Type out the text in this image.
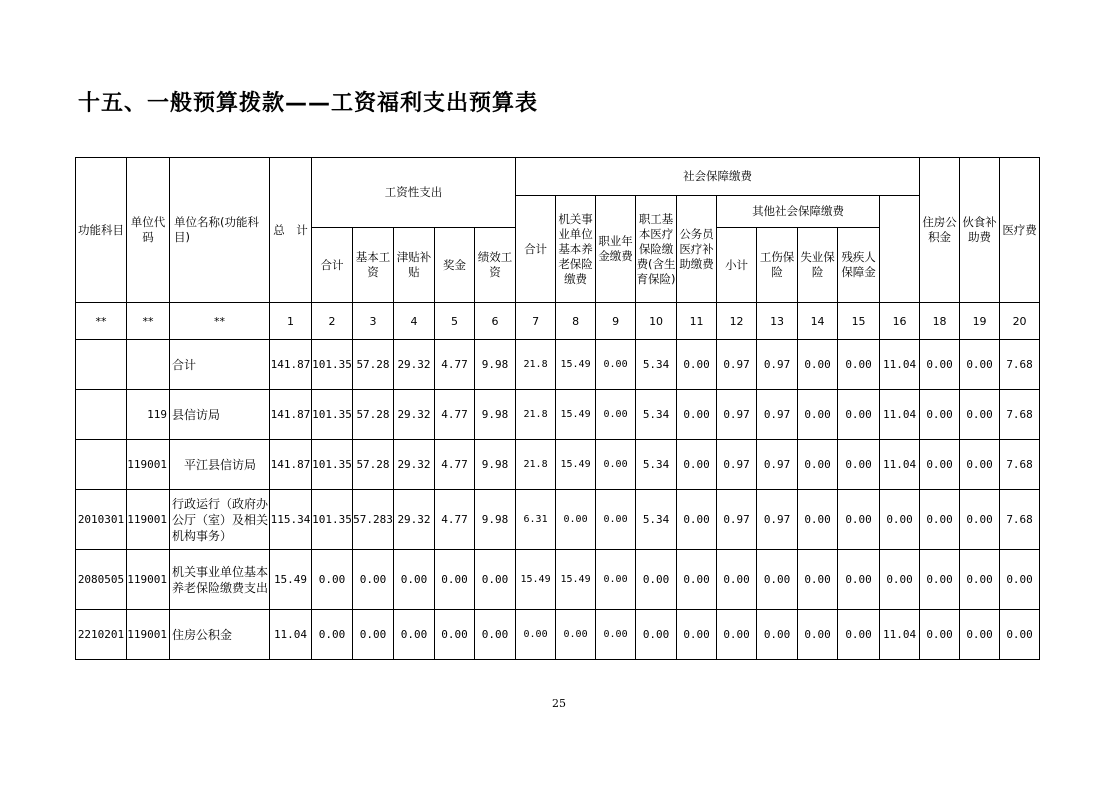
十五、一般预算拨款——工资福利支出预算表
功能科目	单位代码	单位名称(功能科目)	总　计	工资性支出					社会保障缴费										住房公积金	伙食补助费	医疗费	
									合计	机关事业单位基本养老保险缴费	职业年金缴费	职工基本医疗保险缴费(含生育保险)	公务员医疗补助缴费	其他社会保障缴费								
				合计	基本工资	津贴补贴	奖金	绩效工资						小计	工伤保险	失业保险	残疾人保障金					
**	**	**	1	2	3	4	5	6	7	8	9	10	11	12	13	14	15	16	18	19	20	
		合计	141.87	101.35	57.28	29.32	4.77	9.98	21.8	15.49	0.00	5.34	0.00	0.97	0.97	0.00	0.00	11.04	0.00	0.00	7.68	
	119	县信访局	141.87	101.35	57.28	29.32	4.77	9.98	21.8	15.49	0.00	5.34	0.00	0.97	0.97	0.00	0.00	11.04	0.00	0.00	7.68	
	119001	平江县信访局	141.87	101.35	57.28	29.32	4.77	9.98	21.8	15.49	0.00	5.34	0.00	0.97	0.97	0.00	0.00	11.04	0.00	0.00	7.68	
2010301	119001	行政运行（政府办公厅（室）及相关机构事务）	115.34	101.35	57.283	29.32	4.77	9.98	6.31	0.00	0.00	5.34	0.00	0.97	0.97	0.00	0.00	0.00	0.00	0.00	7.68	
2080505	119001	机关事业单位基本养老保险缴费支出	15.49	0.00	0.00	0.00	0.00	0.00	15.49	15.49	0.00	0.00	0.00	0.00	0.00	0.00	0.00	0.00	0.00	0.00	0.00	
2210201	119001	住房公积金	11.04	0.00	0.00	0.00	0.00	0.00	0.00	0.00	0.00	0.00	0.00	0.00	0.00	0.00	0.00	11.04	0.00	0.00	0.00	
25
